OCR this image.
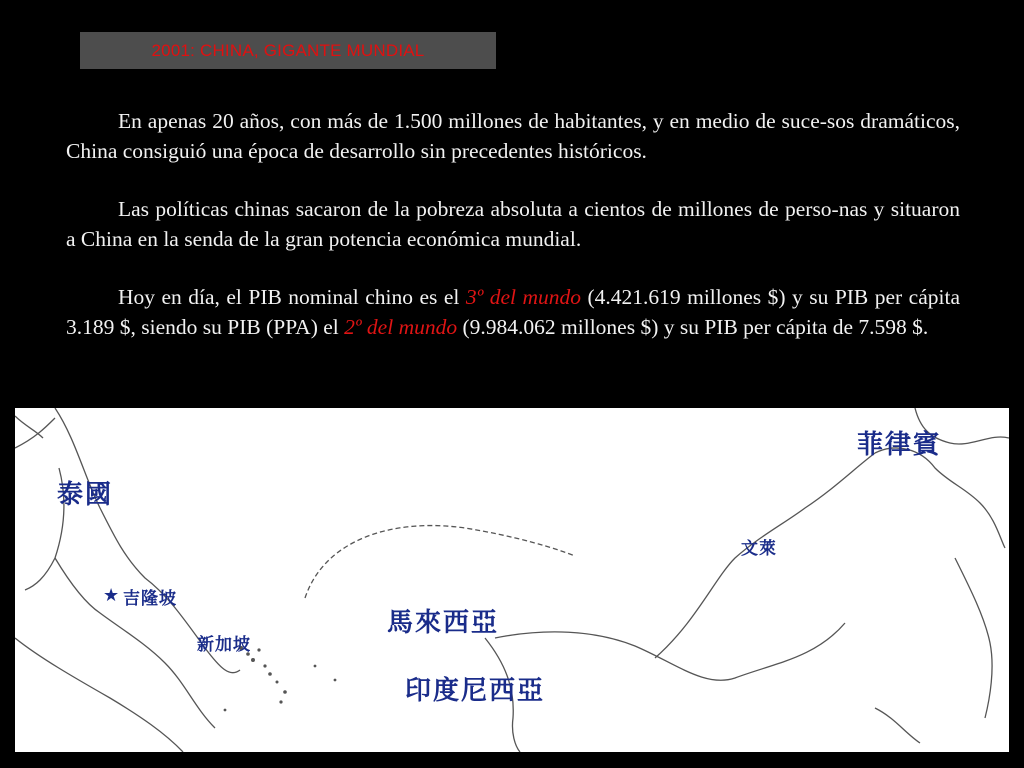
2001: CHINA, GIGANTE MUNDIAL

En apenas 20 años, con más de 1.500 millones de habitantes, y en medio de suce-sos dramáticos, China consiguió una época de desarrollo sin precedentes históricos.

Las políticas chinas sacaron de la pobreza absoluta a cientos de millones de perso-nas y situaron a China en la senda de la gran potencia económica mundial.

Hoy en día, el PIB nominal chino es el 3º del mundo (4.421.619 millones $) y su PIB per cápita 3.189 $, siendo su PIB (PPA) el 2º del mundo (9.984.062 millones $) y su PIB per cápita de 7.598 $.

菲律賓
泰國
文萊
★ 吉隆坡
新加坡
馬來西亞
印度尼西亞
